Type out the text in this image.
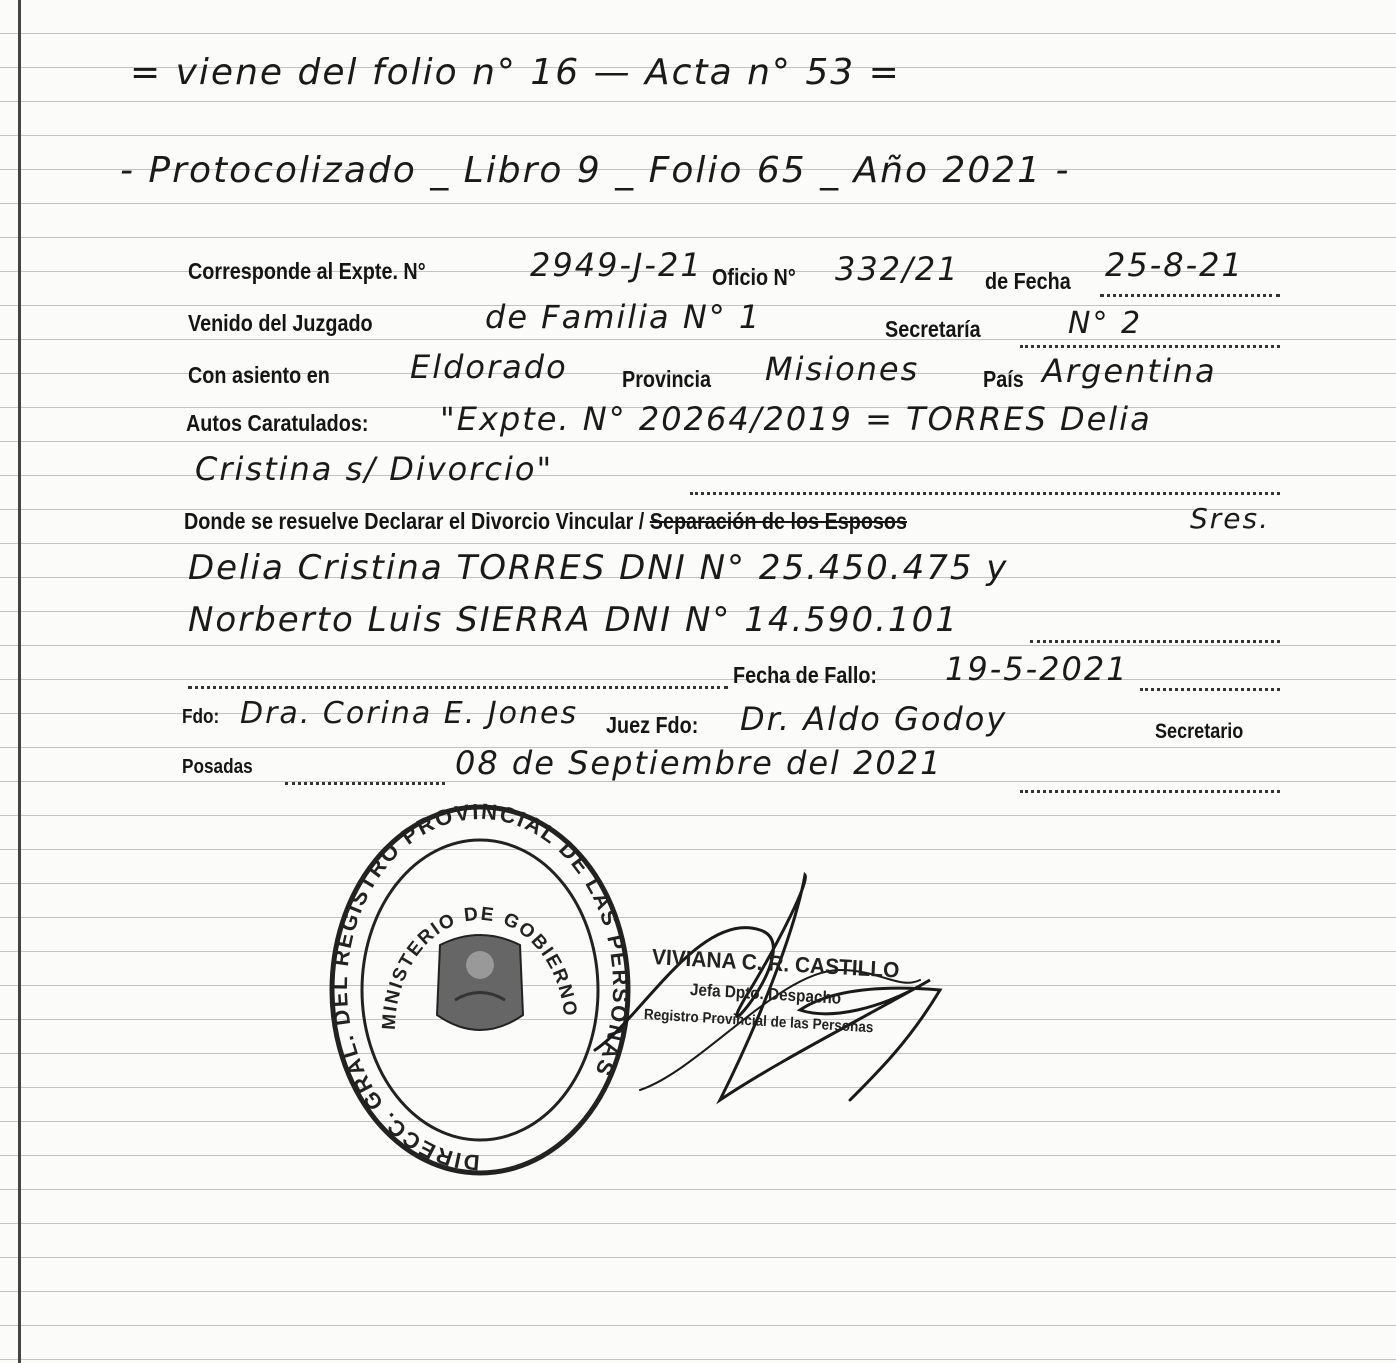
= viene del folio n° 16 — Acta n° 53 =
- Protocolizado _ Libro 9 _ Folio 65 _ Año 2021 -
Corresponde al Expte. N°	2949-J-21 Oficio N° 332/21 de Fecha 25-8-21
Venido del Juzgado	de Familia N° 1	Secretaría	N° 2
Con asiento en	Eldorado Provincia Misiones	País Argentina
Autos Caratulados: "Expte. N° 20264/2019 = TORRES Delia
Cristina s/ Divorcio"
Donde se resuelve Declarar el Divorcio Vincular / Separación de los Esposos	Sres.
Delia Cristina TORRES DNI N° 25.450.475 y
Norberto Luis SIERRA DNI N° 14.590.101
Fecha de Fallo: 19-5-2021
Fdo: Dra. Corina E. Jones Juez Fdo: Dr. Aldo Godoy	Secretario
Posadas	08 de Septiembre del 2021
DIRECC. GRAL. DEL REGISTRO PROVINCIAL DE LAS PERSONAS
MINISTERIO DE GOBIERNO
VIVIANA C. R. CASTILLO
Jefa Dpto. Despacho
Registro Provincial de las Personas
